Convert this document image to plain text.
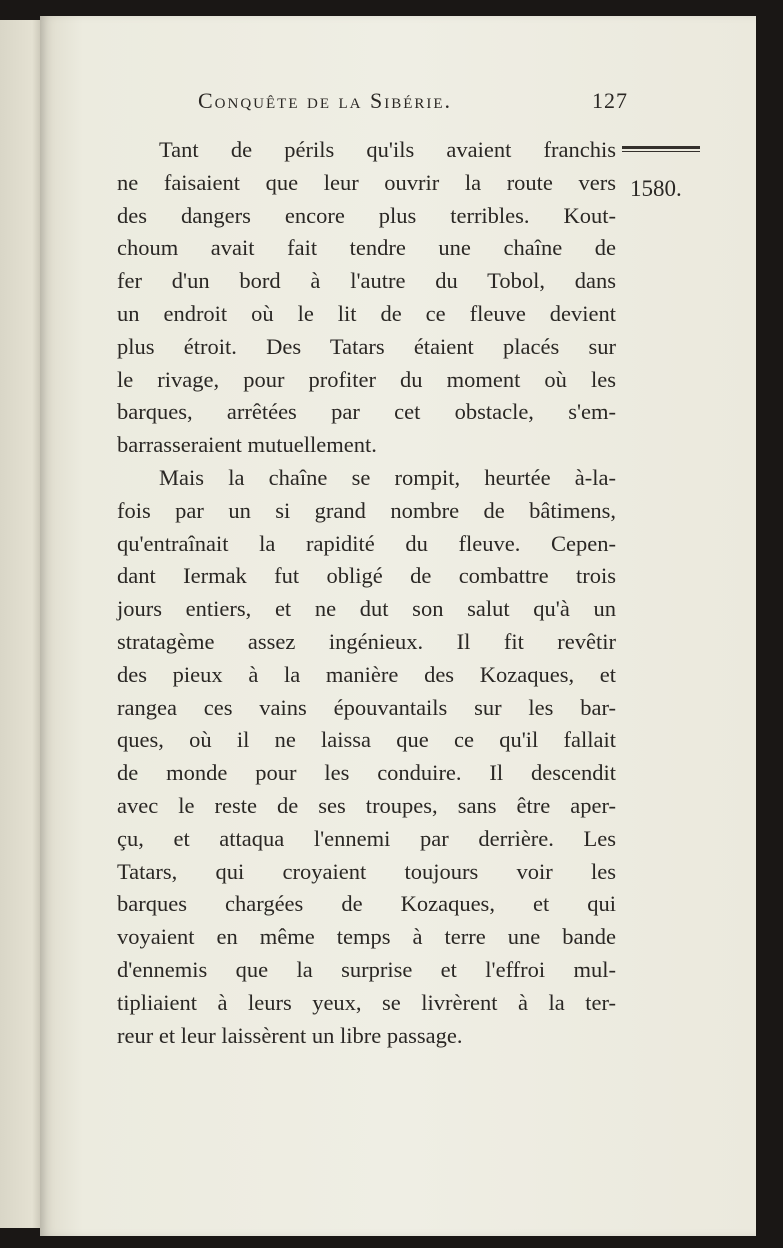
Conquête de la Sibérie.	127
1580.

Tant de périls qu'ils avaient franchis
ne faisaient que leur ouvrir la route vers
des dangers encore plus terribles. Kout-
choum avait fait tendre une chaîne de
fer d'un bord à l'autre du Tobol, dans
un endroit où le lit de ce fleuve devient
plus étroit. Des Tatars étaient placés sur
le rivage, pour profiter du moment où les
barques, arrêtées par cet obstacle, s'em-
barrasseraient mutuellement.

Mais la chaîne se rompit, heurtée à-la-
fois par un si grand nombre de bâtimens,
qu'entraînait la rapidité du fleuve. Cepen-
dant Iermak fut obligé de combattre trois
jours entiers, et ne dut son salut qu'à un
stratagème assez ingénieux. Il fit revêtir
des pieux à la manière des Kozaques, et
rangea ces vains épouvantails sur les bar-
ques, où il ne laissa que ce qu'il fallait
de monde pour les conduire. Il descendit
avec le reste de ses troupes, sans être aper-
çu, et attaqua l'ennemi par derrière. Les
Tatars, qui croyaient toujours voir les
barques chargées de Kozaques, et qui
voyaient en même temps à terre une bande
d'ennemis que la surprise et l'effroi mul-
tipliaient à leurs yeux, se livrèrent à la ter-
reur et leur laissèrent un libre passage.
